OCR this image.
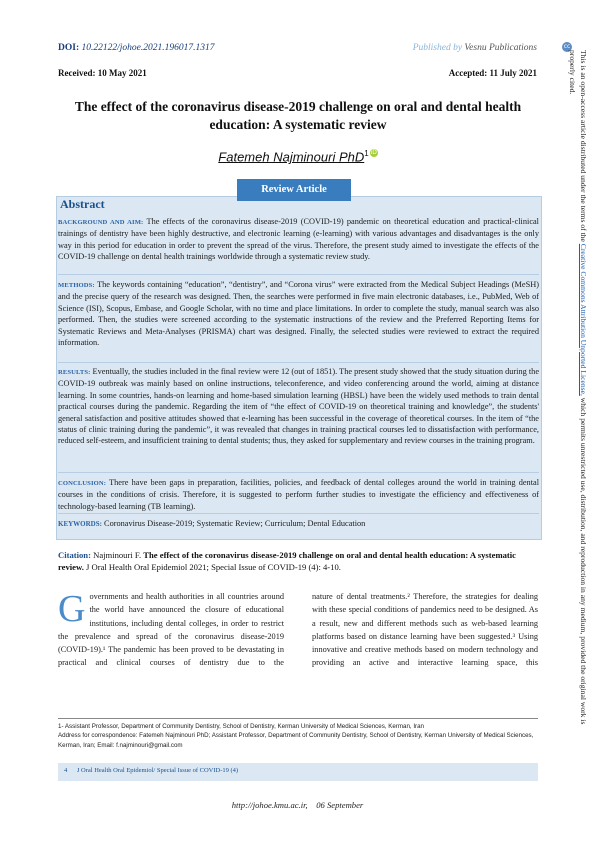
DOI: 10.22122/johoe.2021.196017.1317	Published by Vesnu Publications
Received: 10 May 2021	Accepted: 11 July 2021
The effect of the coronavirus disease-2019 challenge on oral and dental health education: A systematic review
Fatemeh Najminouri PhD$^1$ iD
Review Article
Abstract
BACKGROUND AND AIM: The effects of the coronavirus disease-2019 (COVID-19) pandemic on theoretical education and practical-clinical trainings of dentistry have been highly destructive, and electronic learning (e-learning) with various advantages and disadvantages is the only way in this period for education in order to prevent the spread of the virus. Therefore, the present study aimed to investigate the effects of the COVID-19 challenge on dental health trainings worldwide through a systematic review study.
METHODS: The keywords containing “education”, “dentistry”, and “Corona virus” were extracted from the Medical Subject Headings (MeSH) and the precise query of the research was designed. Then, the searches were performed in five main electronic databases, i.e., PubMed, Web of Science (ISI), Scopus, Embase, and Google Scholar, with no time and place limitations. In order to complete the study, manual search was also performed. Then, the studies were screened according to the systematic instructions of the review and the Preferred Reporting Items for Systematic Reviews and Meta-Analyses (PRISMA) chart was designed. Finally, the selected studies were reviewed to extract the required information.
RESULTS: Eventually, the studies included in the final review were 12 (out of 1851). The present study showed that the study situation during the COVID-19 outbreak was mainly based on online instructions, teleconference, and video conferencing around the world, aiming at distance learning. In some countries, hands-on learning and home-based simulation learning (HBSL) have been the widely used methods to train dental practical courses during the pandemic. Regarding the item of “the effect of COVID-19 on theoretical training and knowledge”, the students' general satisfaction and positive attitudes showed that e-learning has been successful in the coverage of theoretical courses. In the item of “the status of clinic training during the pandemic”, it was revealed that changes in training practical courses led to dissatisfaction with performance, reduced self-esteem, and insufficient training to dental students; thus, they asked for supplementary and review courses in the training program.
CONCLUSION: There have been gaps in preparation, facilities, policies, and feedback of dental colleges around the world in training dental courses in the conditions of crisis. Therefore, it is suggested to perform further studies to investigate the efficiency and effectiveness of technology-based learning (TB learning).
KEYWORDS: Coronavirus Disease-2019; Systematic Review; Curriculum; Dental Education
Citation: Najminouri F. The effect of the coronavirus disease-2019 challenge on oral and dental health education: A systematic review. J Oral Health Oral Epidemiol 2021; Special Issue of COVID-19 (4): 4-10.
Governments and health authorities in all countries around the world have announced the closure of educational institutions, including dental colleges, in order to restrict the prevalence and spread of the coronavirus disease-2019 (COVID-19).¹ The pandemic has been proved to be devastating in practical and clinical courses of dentistry due to the
nature of dental treatments.² Therefore, the strategies for dealing with these special conditions of pandemics need to be designed. As a result, new and different methods such as web-based learning platforms based on distance learning have been suggested.³ Using innovative and creative methods based on modern technology and providing an active and interactive learning space, this
1- Assistant Professor, Department of Community Dentistry, School of Dentistry, Kerman University of Medical Sciences, Kerman, Iran
Address for correspondence: Fatemeh Najminouri PhD; Assistant Professor, Department of Community Dentistry, School of Dentistry, Kerman University of Medical Sciences, Kerman, Iran; Email: f.najminouri@gmail.com
4 J Oral Health Oral Epidemiol/ Special Issue of COVID-19 (4)
http://johoe.kmu.ac.ir, 06 September
cc
This is an open-access article distributed under the terms of the Creative Commons Attribution Unported License, which permits unrestricted use, distribution, and reproduction in any medium, provided the original work is properly cited.
